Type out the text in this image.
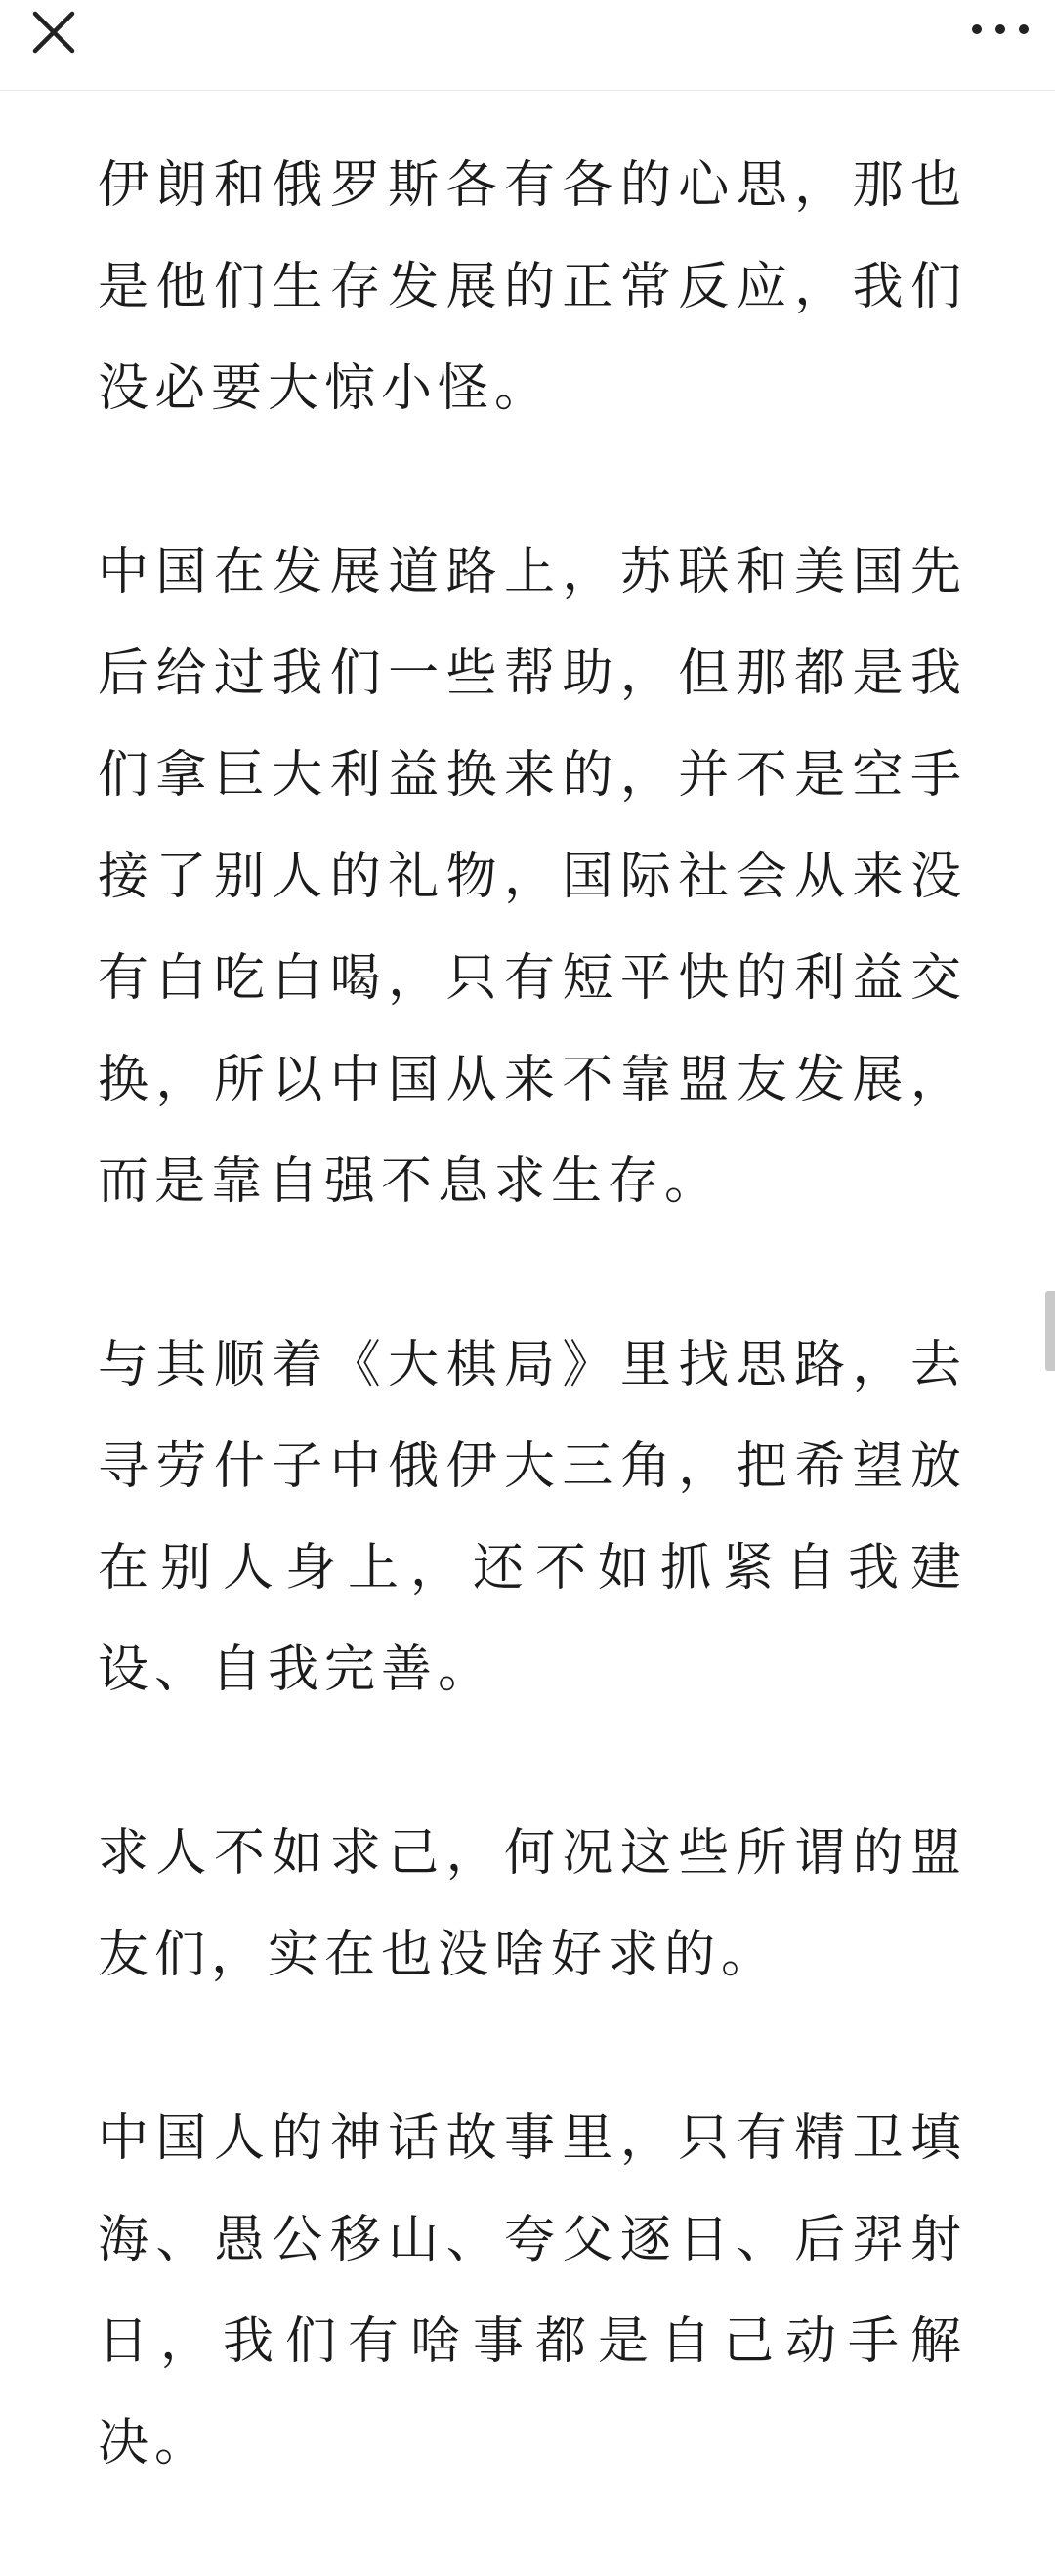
伊朗和俄罗斯各有各的心思，那也是他们生存发展的正常反应，我们没必要大惊小怪。

中国在发展道路上，苏联和美国先后给过我们一些帮助，但那都是我们拿巨大利益换来的，并不是空手接了别人的礼物，国际社会从来没有白吃白喝，只有短平快的利益交换，所以中国从来不靠盟友发展，而是靠自强不息求生存。

与其顺着《大棋局》里找思路，去寻劳什子中俄伊大三角，把希望放在别人身上，还不如抓紧自我建设、自我完善。

求人不如求己，何况这些所谓的盟友们，实在也没啥好求的。

中国人的神话故事里，只有精卫填海、愚公移山、夸父逐日、后羿射日，我们有啥事都是自己动手解决。
